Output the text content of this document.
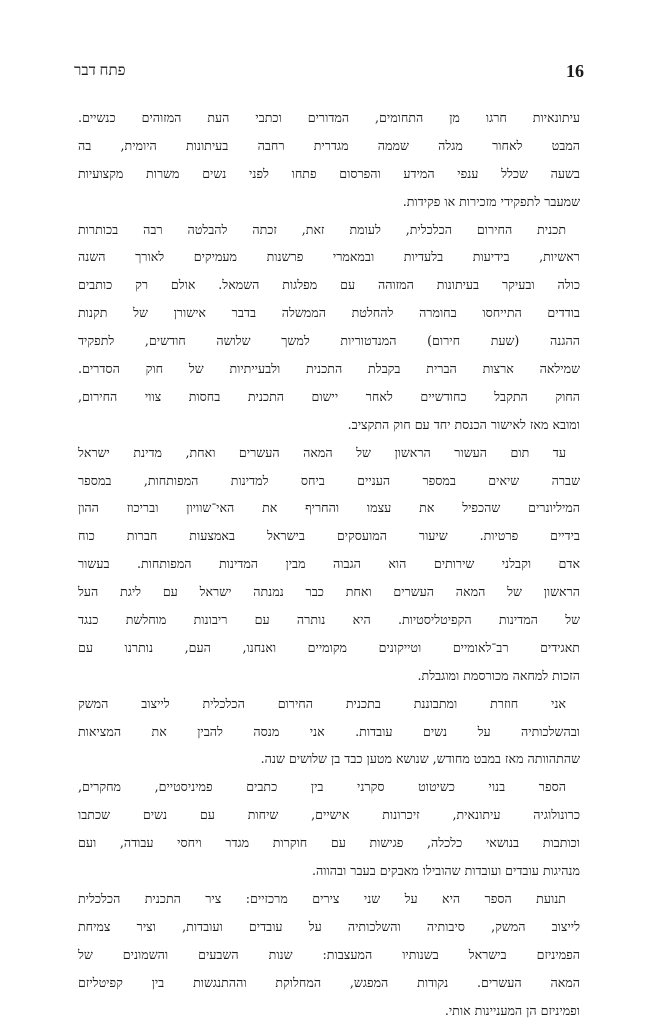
16
פתח דבר
עיתונאיות חרגו מן התחומים, המדורים וכתבי העת המזוהים כנשיים.
המבט לאחור מגלה שממה מגדרית רחבה בעיתונות היומית, בה
בשעה שכלל ענפי המידע והפרסום פתחו לפני נשים משרות מקצועיות
שמעבר לתפקידי מזכירות או פקידות.
תכנית החירום הכלכלית, לעומת זאת, זכתה להבלטה רבה בכותרות
ראשיות, בידיעות בלעדיות ובמאמרי פרשנות מעמיקים לאורך השנה
כולה ובעיקר בעיתונות המזוהה עם מפלגות השמאל. אולם רק כותבים
בודדים התייחסו בחומרה להחלטת הממשלה בדבר אישורן של תקנות
ההגנה (שעת חירום) המנדטוריות למשך שלושה חודשים, לתפקיד
שמילאה ארצות הברית בקבלת התכנית ולבעייתיות של חוק הסדרים.
החוק התקבל כחודשיים לאחר יישום התכנית בחסות צווי החירום,
ומובא מאז לאישור הכנסת יחד עם חוק התקציב.
עד תום העשור הראשון של המאה העשרים ואחת, מדינת ישראל
שברה שיאים במספר העניים ביחס למדינות המפותחות, במספר
המיליונרים שהכפיל את עצמו והחריף את האי־שוויון ובריכוז ההון
בידיים פרטיות. שיעור המועסקים בישראל באמצעות חברות כוח
אדם וקבלני שירותים הוא הגבוה מבין המדינות המפותחות. בעשור
הראשון של המאה העשרים ואחת כבר נמנתה ישראל עם ליגת העל
של המדינות הקפיטליסטיות. היא נותרה עם ריבונות מוחלשת כנגד
תאגידים רב־לאומיים וטייקונים מקומיים ואנחנו, העם, נותרנו עם
הזכות למחאה מכורסמת ומוגבלת.
אני חוזרת ומתבוננת בתכנית החירום הכלכלית לייצוב המשק
ובהשלכותיה על נשים עובדות. אני מנסה להבין את המציאות
שהתהוותה מאז במבט מחודש, שנושא מטען כבד בן שלושים שנה.
הספר בנוי כשיטוט סקרני בין כתבים פמיניסטיים, מחקרים,
כרונולוגיה עיתונאית, זיכרונות אישיים, שיחות עם נשים שכתבו
וכותבות בנושאי כלכלה, פגישות עם חוקרות מגדר ויחסי עבודה, ועם
מנהיגות עובדים ועובדות שהובילו מאבקים בעבר ובהווה.
תנועת הספר היא על שני צירים מרכזיים: ציר התכנית הכלכלית
לייצוב המשק, סיבותיה והשלכותיה על עובדים ועובדות, וציר צמיחת
הפמיניזם בישראל בשנותיו המעצבות: שנות השבעים והשמונים של
המאה העשרים. נקודות המפגש, המחלוקת וההתנגשות בין קפיטליזם
ופמיניזם הן המעניינות אותי.
